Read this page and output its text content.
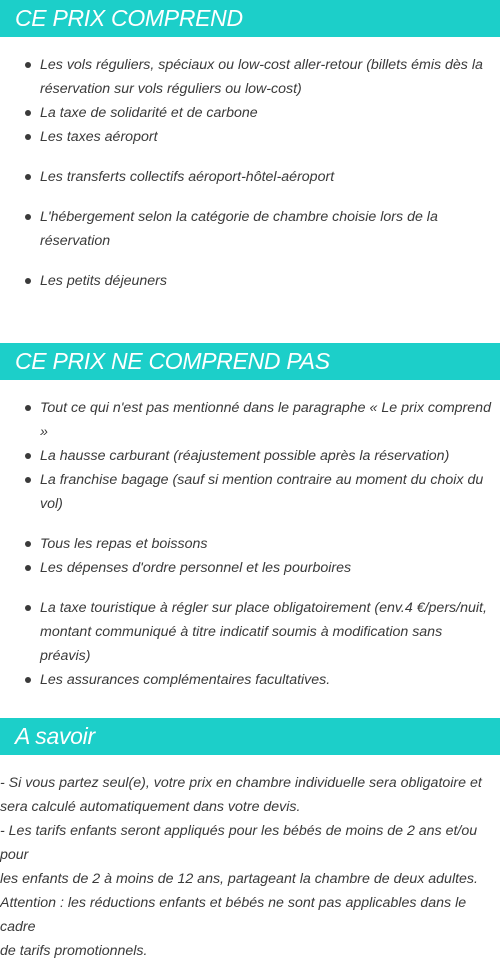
CE PRIX COMPREND
Les vols réguliers, spéciaux ou low-cost aller-retour (billets émis dès la
réservation sur vols réguliers ou low-cost)
La taxe de solidarité et de carbone
Les taxes aéroport
Les transferts collectifs aéroport-hôtel-aéroport
L'hébergement selon la catégorie de chambre choisie lors de la
réservation
Les petits déjeuners
CE PRIX NE COMPREND PAS
Tout ce qui n'est pas mentionné dans le paragraphe « Le prix comprend »
La hausse carburant (réajustement possible après la réservation)
La franchise bagage (sauf si mention contraire au moment du choix du
vol)
Tous les repas et boissons
Les dépenses d'ordre personnel et les pourboires
La taxe touristique à régler sur place obligatoirement (env.4 €/pers/nuit,
montant communiqué à titre indicatif soumis à modification sans
préavis)
Les assurances complémentaires facultatives.
A savoir

- Si vous partez seul(e), votre prix en chambre individuelle sera obligatoire et
sera calculé automatiquement dans votre devis.

- Les tarifs enfants seront appliqués pour les bébés de moins de 2 ans et/ou pour
les enfants de 2 à moins de 12 ans, partageant la chambre de deux adultes.

Attention : les réductions enfants et bébés ne sont pas applicables dans le cadre
de tarifs promotionnels.
